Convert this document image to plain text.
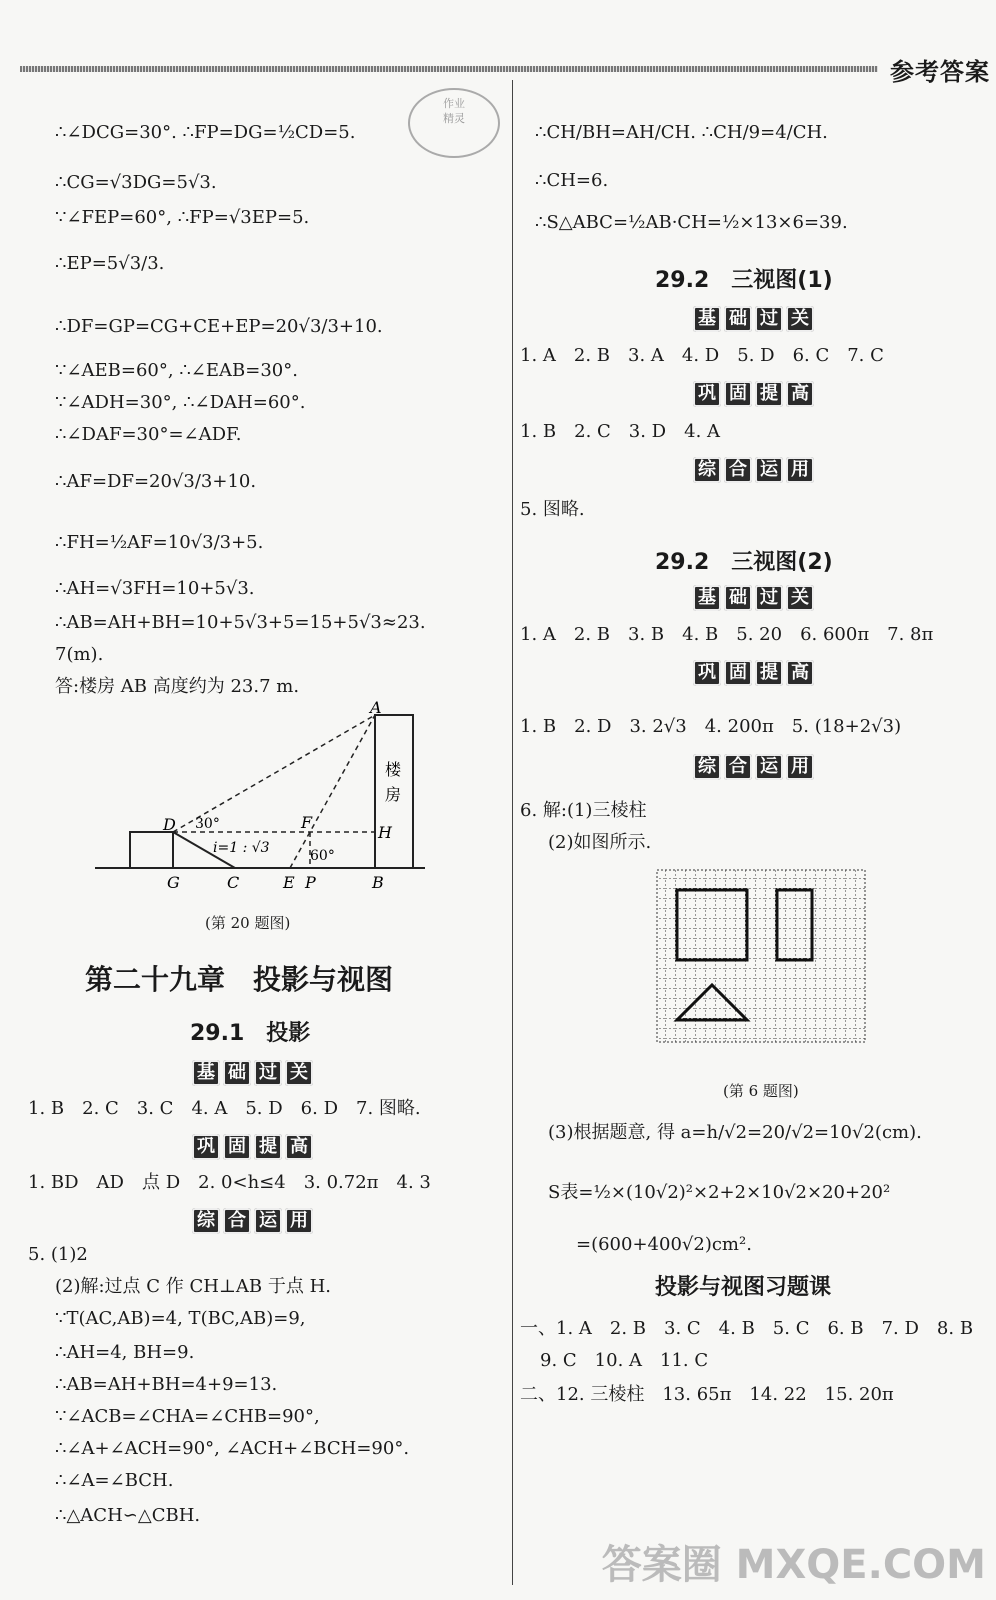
参考答案
作业
精灵
∴∠DCG=30°. ∴FP=DG=½CD=5.
∴CG=√3DG=5√3.
∵∠FEP=60°, ∴FP=√3EP=5.
∴EP=5√3/3.
∴DF=GP=CG+CE+EP=20√3/3+10.
∵∠AEB=60°, ∴∠EAB=30°.
∵∠ADH=30°, ∴∠DAH=60°.
∴∠DAF=30°=∠ADF.
∴AF=DF=20√3/3+10.
∴FH=½AF=10√3/3+5.
∴AH=√3FH=10+5√3.
∴AB=AH+BH=10+5√3+5=15+5√3≈23.
7(m).
答:楼房 AB 高度约为 23.7 m.
A
D	F
H
G	C	E P	B
30°
60°
i=1 : √3
楼
房
(第 20 题图)
第二十九章　投影与视图
29.1　投影
基 础 过 关
1. B　2. C　3. C　4. A　5. D　6. D　7. 图略.
巩 固 提 高
1. BD　AD　点 D　2. 0<h≤4　3. 0.72π　4. 3
综 合 运 用
5. (1)2
(2)解:过点 C 作 CH⊥AB 于点 H.
∵T(AC,AB)=4, T(BC,AB)=9,
∴AH=4, BH=9.
∴AB=AH+BH=4+9=13.
∵∠ACB=∠CHA=∠CHB=90°,
∴∠A+∠ACH=90°, ∠ACH+∠BCH=90°.
∴∠A=∠BCH.
∴△ACH∽△CBH.
∴CH/BH=AH/CH. ∴CH/9=4/CH.
∴CH=6.
∴S△ABC=½AB·CH=½×13×6=39.
29.2　三视图(1)
基 础 过 关
1. A　2. B　3. A　4. D　5. D　6. C　7. C
巩 固 提 高
1. B　2. C　3. D　4. A
综 合 运 用
5. 图略.
29.2　三视图(2)
基 础 过 关
1. A　2. B　3. B　4. B　5. 20　6. 600π　7. 8π
巩 固 提 高
1. B　2. D　3. 2√3　4. 200π　5. (18+2√3)
综 合 运 用
6. 解:(1)三棱柱
(2)如图所示.
(第 6 题图)
(3)根据题意, 得 a=h/√2=20/√2=10√2(cm).
S表=½×(10√2)²×2+2×10√2×20+20²
=(600+400√2)cm².
投影与视图习题课
一、1. A　2. B　3. C　4. B　5. C　6. B　7. D　8. B
9. C　10. A　11. C
二、12. 三棱柱　13. 65π　14. 22　15. 20π
答案圈 MXQE.COM
